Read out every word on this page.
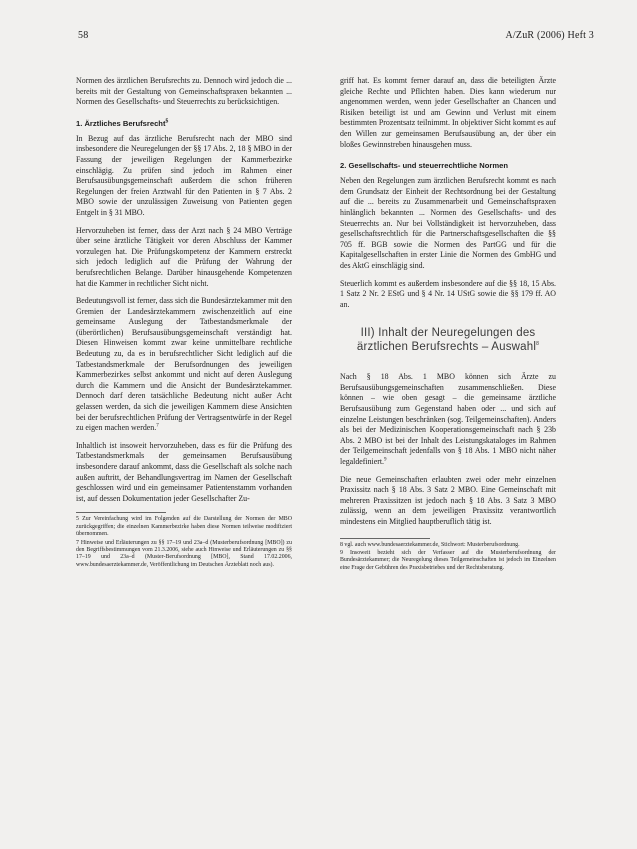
58	A/ZuR (2006) Heft 3

Normen des ärztlichen Berufsrechts zu. Dennoch wird jedoch die ... bereits mit der Gestaltung von Gemeinschaftspraxen bekannten ... Normen des Gesellschafts- und Steuerrechts zu berücksichtigen.

1. Ärztliches Berufsrecht$^5$

In Bezug auf das ärztliche Berufsrecht nach der MBO sind insbesondere die Neuregelungen der §§ 17 Abs. 2, 18 § MBO in der Fassung der jeweiligen Regelungen der Kammerbezirke einschlägig. Zu prüfen sind jedoch im Rahmen einer Berufsausübungsgemeinschaft außerdem die schon früheren Regelungen der freien Arztwahl für den Patienten in § 7 Abs. 2 MBO sowie der unzulässigen Zuweisung von Patienten gegen Entgelt in § 31 MBO.

Hervorzuheben ist ferner, dass der Arzt nach § 24 MBO Verträge über seine ärztliche Tätigkeit vor deren Abschluss der Kammer vorzulegen hat. Die Prüfungskompetenz der Kammern erstreckt sich jedoch lediglich auf die Prüfung der Wahrung der berufsrechtlichen Belange. Darüber hinausgehende Kompetenzen hat die Kammer in rechtlicher Sicht nicht.

Bedeutungsvoll ist ferner, dass sich die Bundesärztekammer mit den Gremien der Landesärztekammern zwischenzeitlich auf eine gemeinsame Auslegung der Tatbestandsmerkmale der (überörtlichen) Berufsausübungsgemeinschaft verständigt hat. Diesen Hinweisen kommt zwar keine unmittelbare rechtliche Bedeutung zu, da es in berufsrechtlicher Sicht lediglich auf die Tatbestandsmerkmale der Berufsordnungen des jeweiligen Kammerbezirkes selbst ankommt und nicht auf deren Auslegung durch die Kammern und die Ansicht der Bundesärztekammer. Dennoch darf deren tatsächliche Bedeutung nicht außer Acht gelassen werden, da sich die jeweiligen Kammern diese Ansichten bei der berufsrechtlichen Prüfung der Vertragsentwürfe in der Regel zu eigen machen werden.$^7$

Inhaltlich ist insoweit hervorzuheben, dass es für die Prüfung des Tatbestandsmerkmals der gemeinsamen Berufsausübung insbesondere darauf ankommt, dass die Gesellschaft als solche nach außen auftritt, der Behandlungsvertrag im Namen der Gesellschaft geschlossen wird und ein gemeinsamer Patientenstamm vorhanden ist, auf dessen Dokumentation jeder Gesellschafter Zu-

5 Zur Vereinfachung wird im Folgenden auf die Darstellung der Normen der MBO zurückgegriffen; die einzelnen Kammerbezirke haben diese Normen teilweise modifiziert übernommen.

7 Hinweise und Erläuterungen zu §§ 17–19 und 23a–d (Musterberufsordnung [MBO]) zu den Begriffsbestimmungen vom 21.3.2006, siehe auch Hinweise und Erläuterungen zu §§ 17–19 und 23a–d (Muster-Berufsordnung [MBO], Stand 17.02.2006, www.bundesaerztekammer.de, Veröffentlichung im Deutschen Ärzteblatt noch aus).

griff hat. Es kommt ferner darauf an, dass die beteiligten Ärzte gleiche Rechte und Pflichten haben. Dies kann wiederum nur angenommen werden, wenn jeder Gesellschafter an Chancen und Risiken beteiligt ist und am Gewinn und Verlust mit einem bestimmten Prozentsatz teilnimmt. In objektiver Sicht kommt es auf den Willen zur gemeinsamen Berufsausübung an, der über ein bloßes Gewinnstreben hinausgehen muss.

2. Gesellschafts- und steuerrechtliche Normen

Neben den Regelungen zum ärztlichen Berufsrecht kommt es nach dem Grundsatz der Einheit der Rechtsordnung bei der Gestaltung auf die ... bereits zu Zusammenarbeit und Gemeinschaftspraxen hinlänglich bekannten ... Normen des Gesellschafts- und des Steuerrechts an. Nur bei Vollständigkeit ist hervorzuheben, dass gesellschaftsrechtlich für die Partnerschaftsgesellschaften die §§ 705 ff. BGB sowie die Normen des PartGG und für die Kapitalgesellschaften in erster Linie die Normen des GmbHG und des AktG einschlägig sind.

Steuerlich kommt es außerdem insbesondere auf die §§ 18, 15 Abs. 1 Satz 2 Nr. 2 EStG und § 4 Nr. 14 UStG sowie die §§ 179 ff. AO an.

III) Inhalt der Neuregelungen des ärztlichen Berufsrechts – Auswahl$^8$

Nach § 18 Abs. 1 MBO können sich Ärzte zu Berufsausübungsgemeinschaften zusammenschließen. Diese können – wie oben gesagt – die gemeinsame ärztliche Berufsausübung zum Gegenstand haben oder ... und sich auf einzelne Leistungen beschränken (sog. Teilgemeinschaften). Anders als bei der Medizinischen Kooperationsgemeinschaft nach § 23b Abs. 2 MBO ist bei der Inhalt des Leistungskataloges im Rahmen der Teilgemeinschaft jedenfalls von § 18 Abs. 1 MBO nicht näher legaldefiniert.$^9$

Die neue Gemeinschaften erlaubten zwei oder mehr einzelnen Praxissitz nach § 18 Abs. 3 Satz 2 MBO. Eine Gemeinschaft mit mehreren Praxissitzen ist jedoch nach § 18 Abs. 3 Satz 3 MBO zulässig, wenn an dem jeweiligen Praxissitz verantwortlich mindestens ein Mitglied hauptberuflich tätig ist.

8 vgl. auch www.bundesaerztekammer.de, Stichwort: Musterberufsordnung.

9 Insoweit bezieht sich der Verfasser auf die Musterberufsordnung der Bundesärztekammer; die Neuregelung dieses Teilgemeinschaften ist jedoch im Einzelnen eine Frage der Gebühren des Praxisbetriebes und der Rechtsberatung.
